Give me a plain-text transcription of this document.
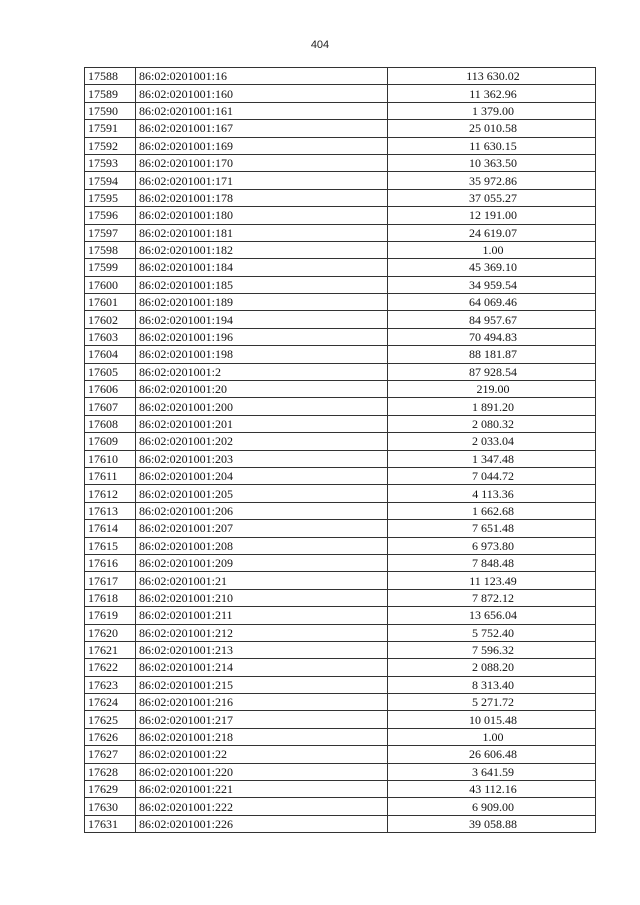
404
17588	86:02:0201001:16	113 630.02
17589	86:02:0201001:160	11 362.96
17590	86:02:0201001:161	1 379.00
17591	86:02:0201001:167	25 010.58
17592	86:02:0201001:169	11 630.15
17593	86:02:0201001:170	10 363.50
17594	86:02:0201001:171	35 972.86
17595	86:02:0201001:178	37 055.27
17596	86:02:0201001:180	12 191.00
17597	86:02:0201001:181	24 619.07
17598	86:02:0201001:182	1.00
17599	86:02:0201001:184	45 369.10
17600	86:02:0201001:185	34 959.54
17601	86:02:0201001:189	64 069.46
17602	86:02:0201001:194	84 957.67
17603	86:02:0201001:196	70 494.83
17604	86:02:0201001:198	88 181.87
17605	86:02:0201001:2	87 928.54
17606	86:02:0201001:20	219.00
17607	86:02:0201001:200	1 891.20
17608	86:02:0201001:201	2 080.32
17609	86:02:0201001:202	2 033.04
17610	86:02:0201001:203	1 347.48
17611	86:02:0201001:204	7 044.72
17612	86:02:0201001:205	4 113.36
17613	86:02:0201001:206	1 662.68
17614	86:02:0201001:207	7 651.48
17615	86:02:0201001:208	6 973.80
17616	86:02:0201001:209	7 848.48
17617	86:02:0201001:21	11 123.49
17618	86:02:0201001:210	7 872.12
17619	86:02:0201001:211	13 656.04
17620	86:02:0201001:212	5 752.40
17621	86:02:0201001:213	7 596.32
17622	86:02:0201001:214	2 088.20
17623	86:02:0201001:215	8 313.40
17624	86:02:0201001:216	5 271.72
17625	86:02:0201001:217	10 015.48
17626	86:02:0201001:218	1.00
17627	86:02:0201001:22	26 606.48
17628	86:02:0201001:220	3 641.59
17629	86:02:0201001:221	43 112.16
17630	86:02:0201001:222	6 909.00
17631	86:02:0201001:226	39 058.88
